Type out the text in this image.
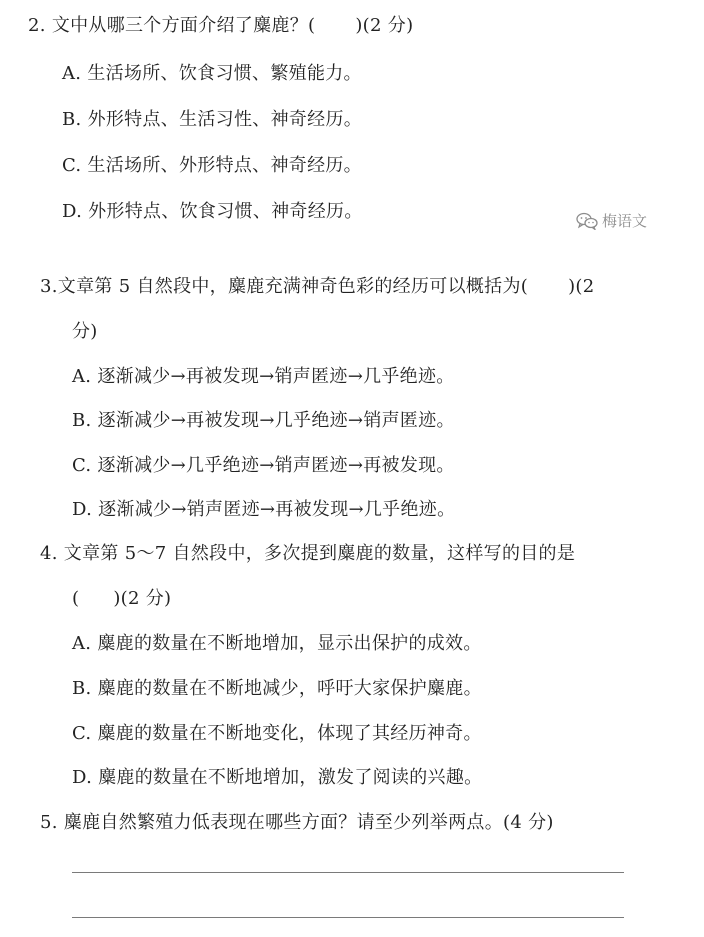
2. 文中从哪三个方面介绍了麋鹿？( )(2 分)
A. 生活场所、饮食习惯、繁殖能力。
B. 外形特点、生活习性、神奇经历。
C. 生活场所、外形特点、神奇经历。
D. 外形特点、饮食习惯、神奇经历。	梅语文
3.文章第 5 自然段中，麋鹿充满神奇色彩的经历可以概括为( )(2
分)
A. 逐渐减少→再被发现→销声匿迹→几乎绝迹。
B. 逐渐减少→再被发现→几乎绝迹→销声匿迹。
C. 逐渐减少→几乎绝迹→销声匿迹→再被发现。
D. 逐渐减少→销声匿迹→再被发现→几乎绝迹。
4. 文章第 5～7 自然段中，多次提到麋鹿的数量，这样写的目的是
( )(2 分)
A. 麋鹿的数量在不断地增加，显示出保护的成效。
B. 麋鹿的数量在不断地减少，呼吁大家保护麋鹿。
C. 麋鹿的数量在不断地变化，体现了其经历神奇。
D. 麋鹿的数量在不断地增加，激发了阅读的兴趣。
5. 麋鹿自然繁殖力低表现在哪些方面？请至少列举两点。(4 分)
